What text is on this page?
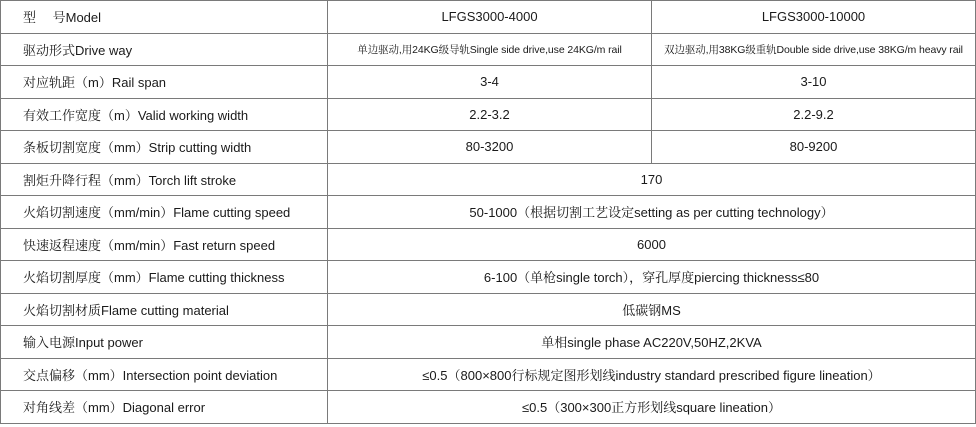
型　 号Model	LFGS3000-4000	LFGS3000-10000
驱动形式Drive way	单边驱动,用24KG级导轨Single side drive,use 24KG/m rail	双边驱动,用38KG级重轨Double side drive,use 38KG/m heavy rail
对应轨距（m）Rail span	3-4	3-10
有效工作宽度（m）Valid working width	2.2-3.2	2.2-9.2
条板切割宽度（mm）Strip cutting width	80-3200	80-9200
割炬升降行程（mm）Torch lift stroke	170	
火焰切割速度（mm/min）Flame cutting speed	50-1000（根据切割工艺设定setting as per cutting technology）	
快速返程速度（mm/min）Fast return speed	6000	
火焰切割厚度（mm）Flame cutting thickness	6-100（单枪single torch），穿孔厚度piercing thickness≤80	
火焰切割材质Flame cutting material	低碳钢MS	
输入电源Input power	单相single phase AC220V,50HZ,2KVA	
交点偏移（mm）Intersection point deviation	≤0.5（800×800行标规定图形划线industry standard prescribed figure lineation）	
对角线差（mm）Diagonal error	≤0.5（300×300正方形划线square lineation）	
